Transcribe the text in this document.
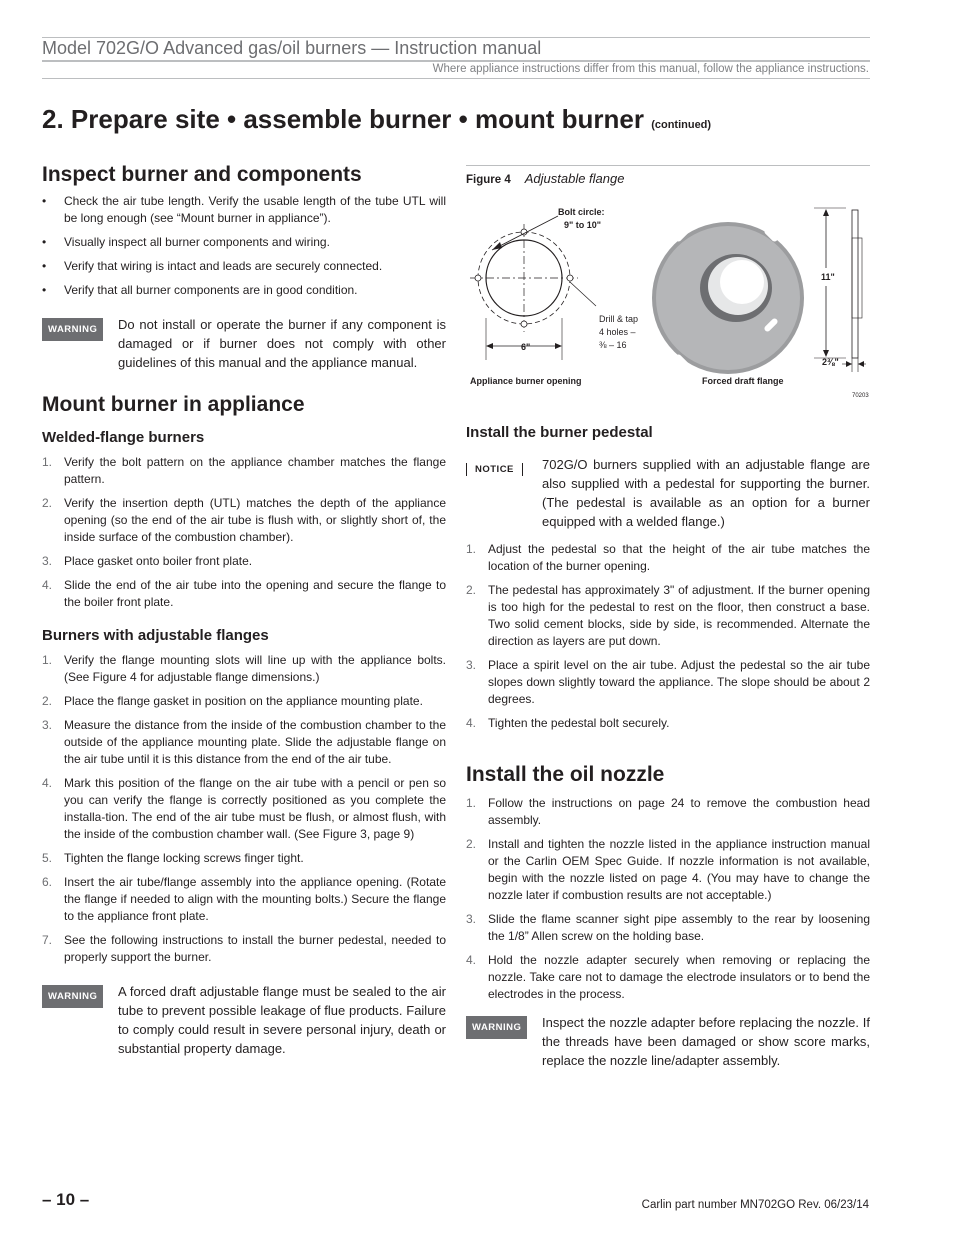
Model 702G/O Advanced gas/oil burners — Instruction manual
Where appliance instructions differ from this manual, follow the appliance instructions.
2. Prepare site • assemble burner • mount burner (continued)
Inspect burner and components
• Check the air tube length. Verify the usable length of the tube UTL will be long enough (see “Mount burner in appliance”).
• Visually inspect all burner components and wiring.
• Verify that wiring is intact and leads are securely connected.
• Verify that all burner components are in good condition.
WARNING	Do not install or operate the burner if any component is damaged or if burner does not comply with other guidelines of this manual and the appliance manual.
Mount burner in appliance
Welded-flange burners
1. Verify the bolt pattern on the appliance chamber matches the flange pattern.
2. Verify the insertion depth (UTL) matches the depth of the appliance opening (so the end of the air tube is flush with, or slightly short of, the inside surface of the combustion chamber).
3. Place gasket onto boiler front plate.
4. Slide the end of the air tube into the opening and secure the flange to the boiler front plate.
Burners with adjustable flanges
1. Verify the flange mounting slots will line up with the appliance bolts. (See Figure 4 for adjustable flange dimensions.)
2. Place the flange gasket in position on the appliance mounting plate.
3. Measure the distance from the inside of the combustion chamber to the outside of the appliance mounting plate. Slide the adjustable flange on the air tube until it is this distance from the end of the air tube.
4. Mark this position of the flange on the air tube with a pencil or pen so you can verify the flange is correctly positioned as you complete the installa-tion. The end of the air tube must be flush, or almost flush, with the inside of the combustion chamber wall. (See Figure 3, page 9)
5. Tighten the flange locking screws finger tight.
6. Insert the air tube/flange assembly into the appliance opening. (Rotate the flange if needed to align with the mounting bolts.) Secure the flange to the appliance front plate.
7. See the following instructions to install the burner pedestal, needed to properly support the burner.
WARNING	A forced draft adjustable flange must be sealed to the air tube to prevent possible leakage of flue products. Failure to comply could result in severe personal injury, death or substantial property damage.
Figure 4 Adjustable flange
Bolt circle:
9" to 10"
Drill & tap
4 holes –
⅜ – 16
6"
11"
2⅜"
Appliance burner opening	Forced draft flange
70203
Install the burner pedestal
NOTICE	702G/O burners supplied with an adjustable flange are also supplied with a pedestal for supporting the burner. (The pedestal is available as an option for a burner equipped with a welded flange.)
1. Adjust the pedestal so that the height of the air tube matches the location of the burner opening.
2. The pedestal has approximately 3" of adjustment. If the burner opening is too high for the pedestal to rest on the floor, then construct a base. Two solid cement blocks, side by side, is recommended. Alternate the direction as layers are put down.
3. Place a spirit level on the air tube. Adjust the pedestal so the air tube slopes down slightly toward the appliance. The slope should be about 2 degrees.
4. Tighten the pedestal bolt securely.
Install the oil nozzle
1. Follow the instructions on page 24 to remove the combustion head assembly.
2. Install and tighten the nozzle listed in the appliance instruction manual or the Carlin OEM Spec Guide. If nozzle information is not available, begin with the nozzle listed on page 4. (You may have to change the nozzle later if combustion results are not acceptable.)
3. Slide the flame scanner sight pipe assembly to the rear by loosening the 1/8” Allen screw on the holding base.
4. Hold the nozzle adapter securely when removing or replacing the nozzle. Take care not to damage the electrode insulators or to bend the electrodes in the process.
WARNING	Inspect the nozzle adapter before replacing the nozzle. If the threads have been damaged or show score marks, replace the nozzle line/adapter assembly.
– 10 –	Carlin part number MN702GO Rev. 06/23/14
